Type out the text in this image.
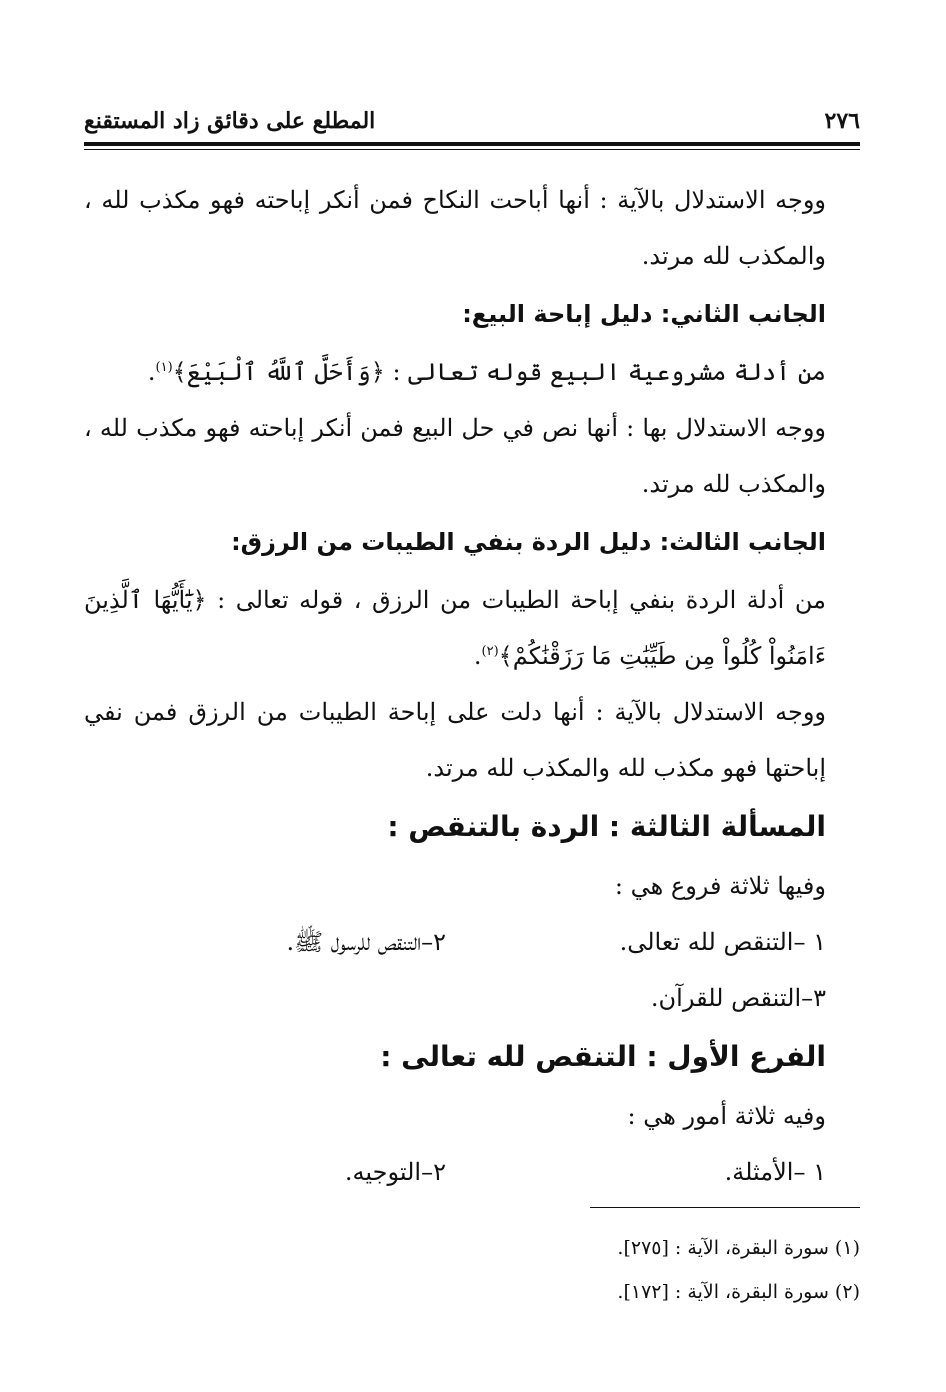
٢٧٦
المطلع على دقائق زاد المستقنع

ووجه الاستدلال بالآية : أنها أباحت النكاح فمن أنكر إباحته فهو مكذب لله ، والمكذب لله مرتد.

الجانب الثاني: دليل إباحة البيع:

من أدلة مشروعية البيع قوله تعالى : ﴿وَأَحَلَّ ٱللَّهُ ٱلْبَيْعَ﴾$^{(١)}$.

ووجه الاستدلال بها : أنها نص في حل البيع فمن أنكر إباحته فهو مكذب لله ، والمكذب لله مرتد.

الجانب الثالث: دليل الردة بنفي الطيبات من الرزق:

من أدلة الردة بنفي إباحة الطيبات من الرزق ، قوله تعالى : ﴿يَٰٓأَيُّهَا ٱلَّذِينَ ءَامَنُواْ كُلُواْ مِن طَيِّبَٰتِ مَا رَزَقْنَٰكُمْ﴾$^{(٢)}$.

ووجه الاستدلال بالآية : أنها دلت على إباحة الطيبات من الرزق فمن نفي إباحتها فهو مكذب لله والمكذب لله مرتد.

المسألة الثالثة : الردة بالتنقص :

وفيها ثلاثة فروع هي :

١ –التنقص لله تعالى.
٢–التنقص للرسول ﷺ.
٣–التنقص للقرآن.

الفرع الأول : التنقص لله تعالى :

وفيه ثلاثة أمور هي :

١ –الأمثلة.
٢–التوجيه.

(١) سورة البقرة، الآية : [٢٧٥].

(٢) سورة البقرة، الآية : [١٧٢].
